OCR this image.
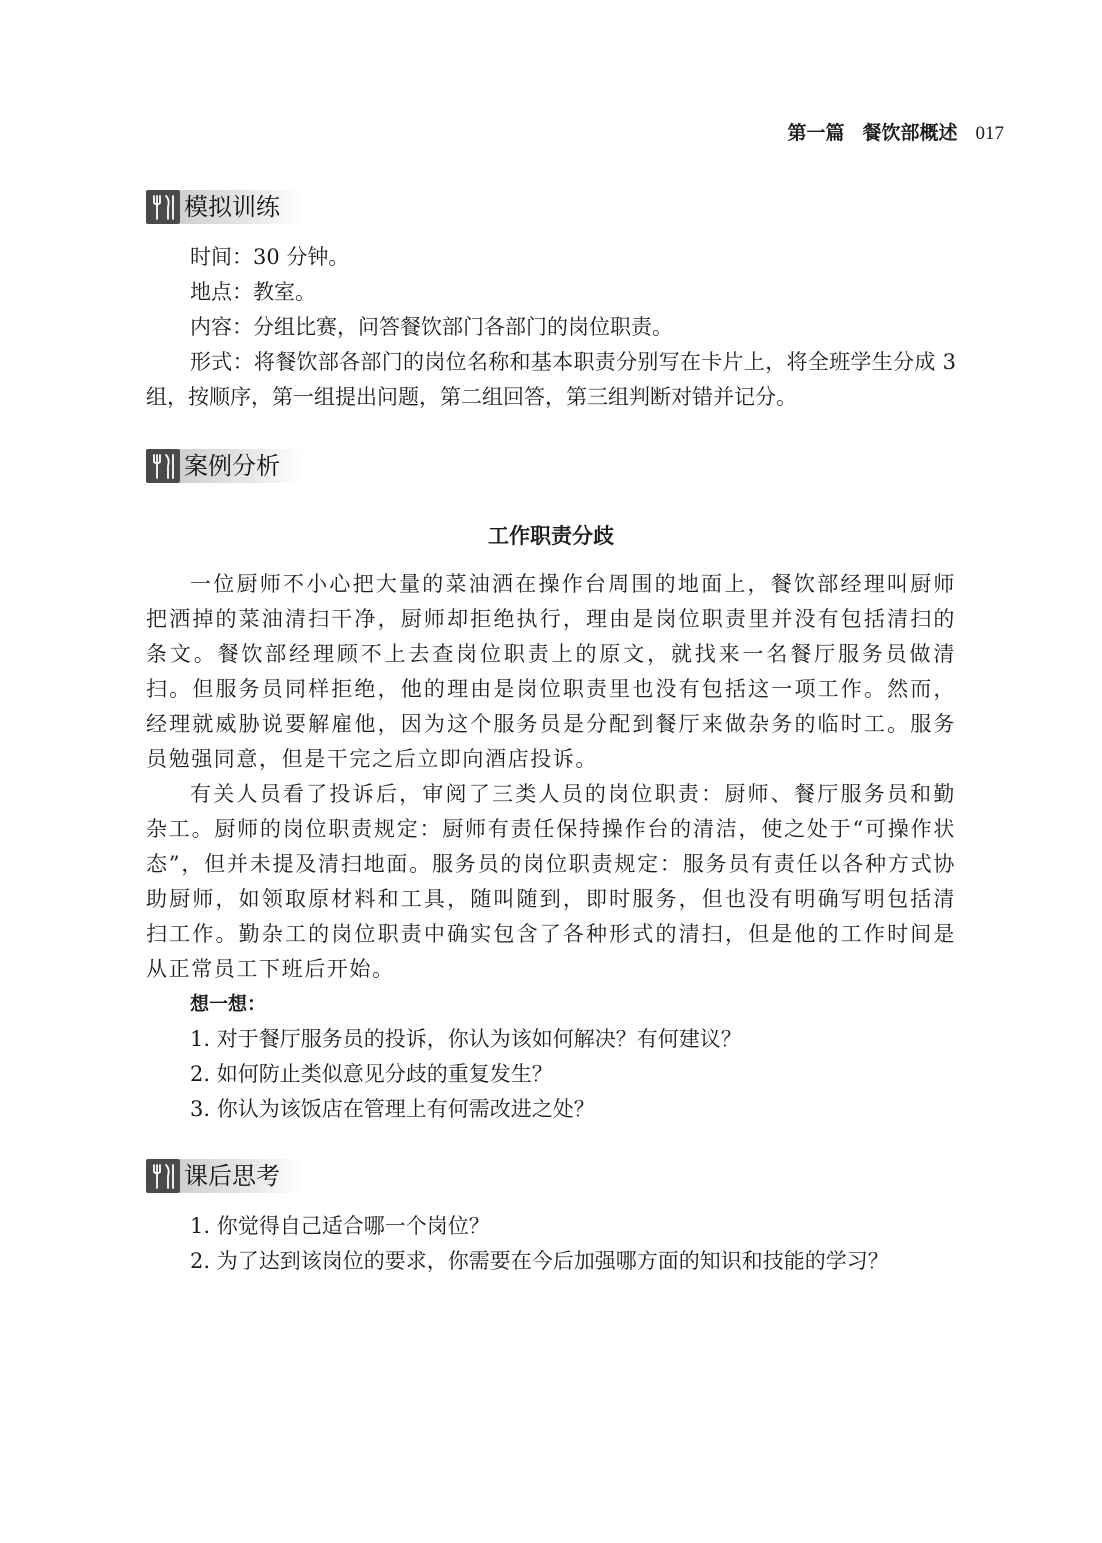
第一篇 餐饮部概述 017
模拟训练

时间：30 分钟。

地点：教室。

内容：分组比赛，问答餐饮部门各部门的岗位职责。

形式：将餐饮部各部门的岗位名称和基本职责分别写在卡片上，将全班学生分成 3 组，按顺序，第一组提出问题，第二组回答，第三组判断对错并记分。

案例分析
工作职责分歧

一位厨师不小心把大量的菜油洒在操作台周围的地面上，餐饮部经理叫厨师把洒掉的菜油清扫干净，厨师却拒绝执行，理由是岗位职责里并没有包括清扫的条文。餐饮部经理顾不上去查岗位职责上的原文，就找来一名餐厅服务员做清扫。但服务员同样拒绝，他的理由是岗位职责里也没有包括这一项工作。然而，经理就威胁说要解雇他，因为这个服务员是分配到餐厅来做杂务的临时工。服务员勉强同意，但是干完之后立即向酒店投诉。

有关人员看了投诉后，审阅了三类人员的岗位职责：厨师、餐厅服务员和勤杂工。厨师的岗位职责规定：厨师有责任保持操作台的清洁，使之处于“可操作状态”，但并未提及清扫地面。服务员的岗位职责规定：服务员有责任以各种方式协助厨师，如领取原材料和工具，随叫随到，即时服务，但也没有明确写明包括清扫工作。勤杂工的岗位职责中确实包含了各种形式的清扫，但是他的工作时间是从正常员工下班后开始。

想一想：

1. 对于餐厅服务员的投诉，你认为该如何解决？有何建议？

2. 如何防止类似意见分歧的重复发生？

3. 你认为该饭店在管理上有何需改进之处？

课后思考

1. 你觉得自己适合哪一个岗位？

2. 为了达到该岗位的要求，你需要在今后加强哪方面的知识和技能的学习？
